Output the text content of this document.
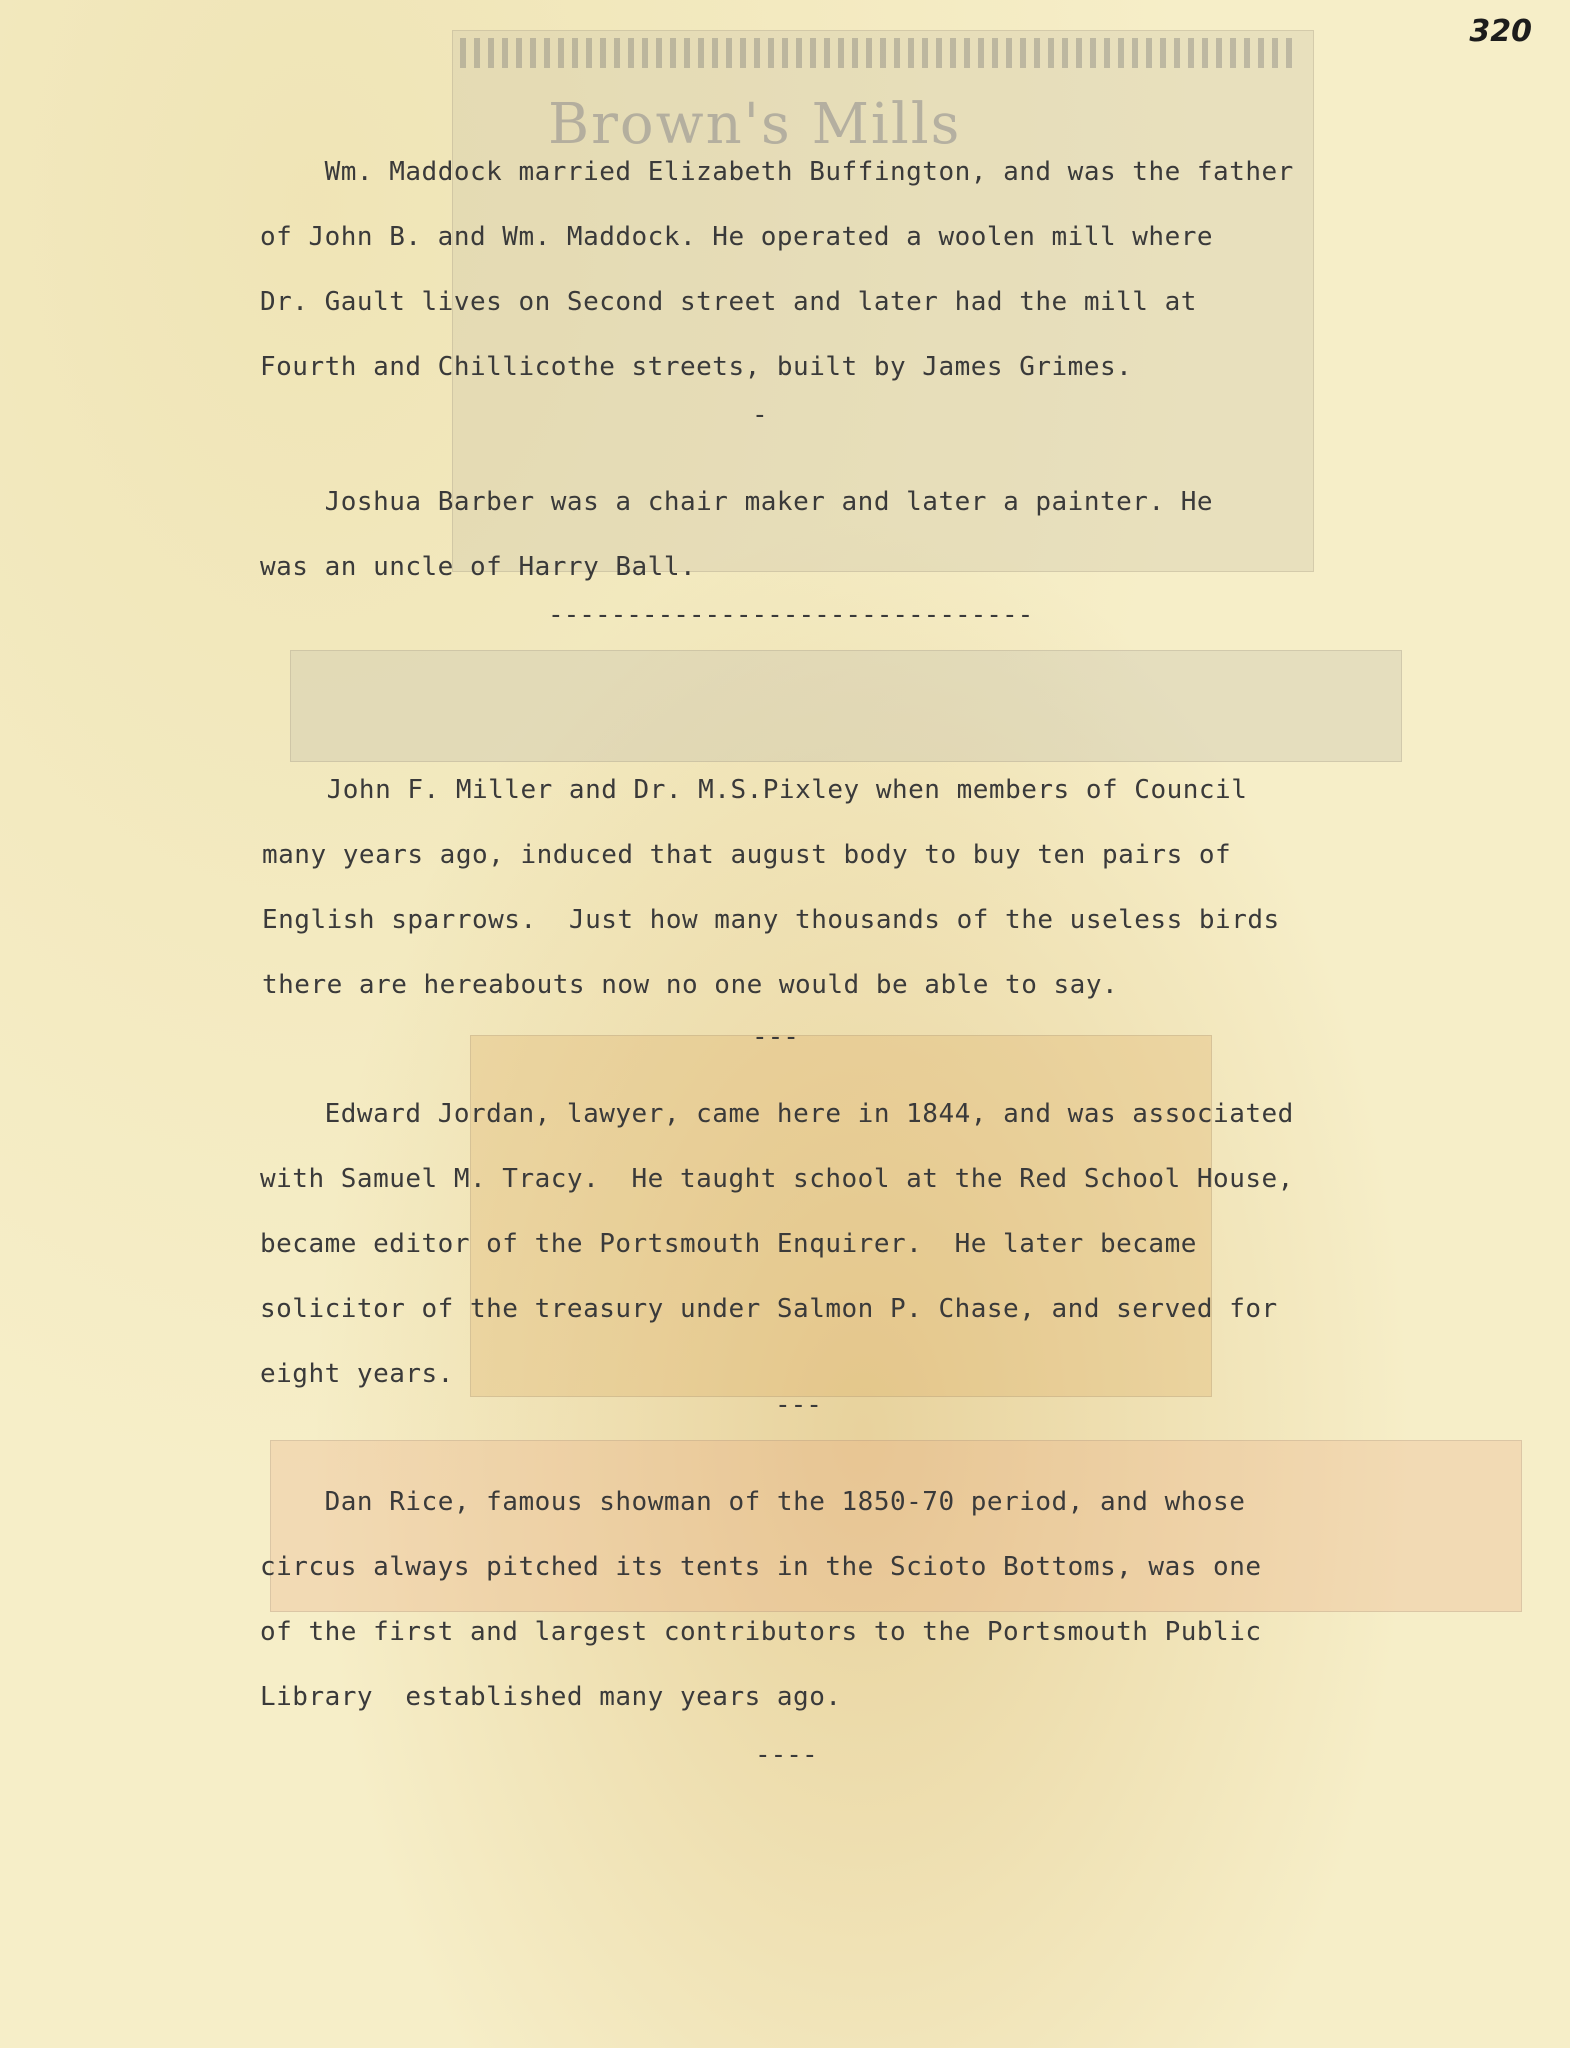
Brown's Mills
320

Wm. Maddock married Elizabeth Buffington, and was the father
of John B. and Wm. Maddock. He operated a woolen mill where
Dr. Gault lives on Second street and later had the mill at
Fourth and Chillicothe streets, built by James Grimes.

-

Joshua Barber was a chair maker and later a painter. He
was an uncle of Harry Ball.

-------------------------------

John F. Miller and Dr. M.S.Pixley when members of Council
many years ago, induced that august body to buy ten pairs of
English sparrows.  Just how many thousands of the useless birds
there are hereabouts now no one would be able to say.

---

Edward Jordan, lawyer, came here in 1844, and was associated
with Samuel M. Tracy.  He taught school at the Red School House,
became editor of the Portsmouth Enquirer.  He later became
solicitor of the treasury under Salmon P. Chase, and served for
eight years.

---

Dan Rice, famous showman of the 1850-70 period, and whose
circus always pitched its tents in the Scioto Bottoms, was one
of the first and largest contributors to the Portsmouth Public
Library  established many years ago.

----
